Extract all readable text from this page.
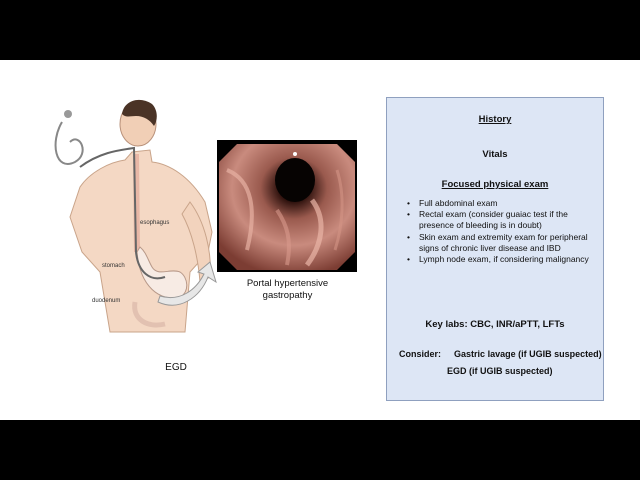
esophagus
stomach
duodenum
EGD
Portal hypertensive
gastropathy
History
Vitals
Focused physical exam
• Full abdominal exam
• Rectal exam (consider guaiac test if the presence of bleeding is in doubt)
• Skin exam and extremity exam for peripheral signs of chronic liver disease and IBD
• Lymph node exam, if considering malignancy
Key labs: CBC, INR/aPTT, LFTs
Consider: Gastric lavage (if UGIB suspected)
EGD (if UGIB suspected)
